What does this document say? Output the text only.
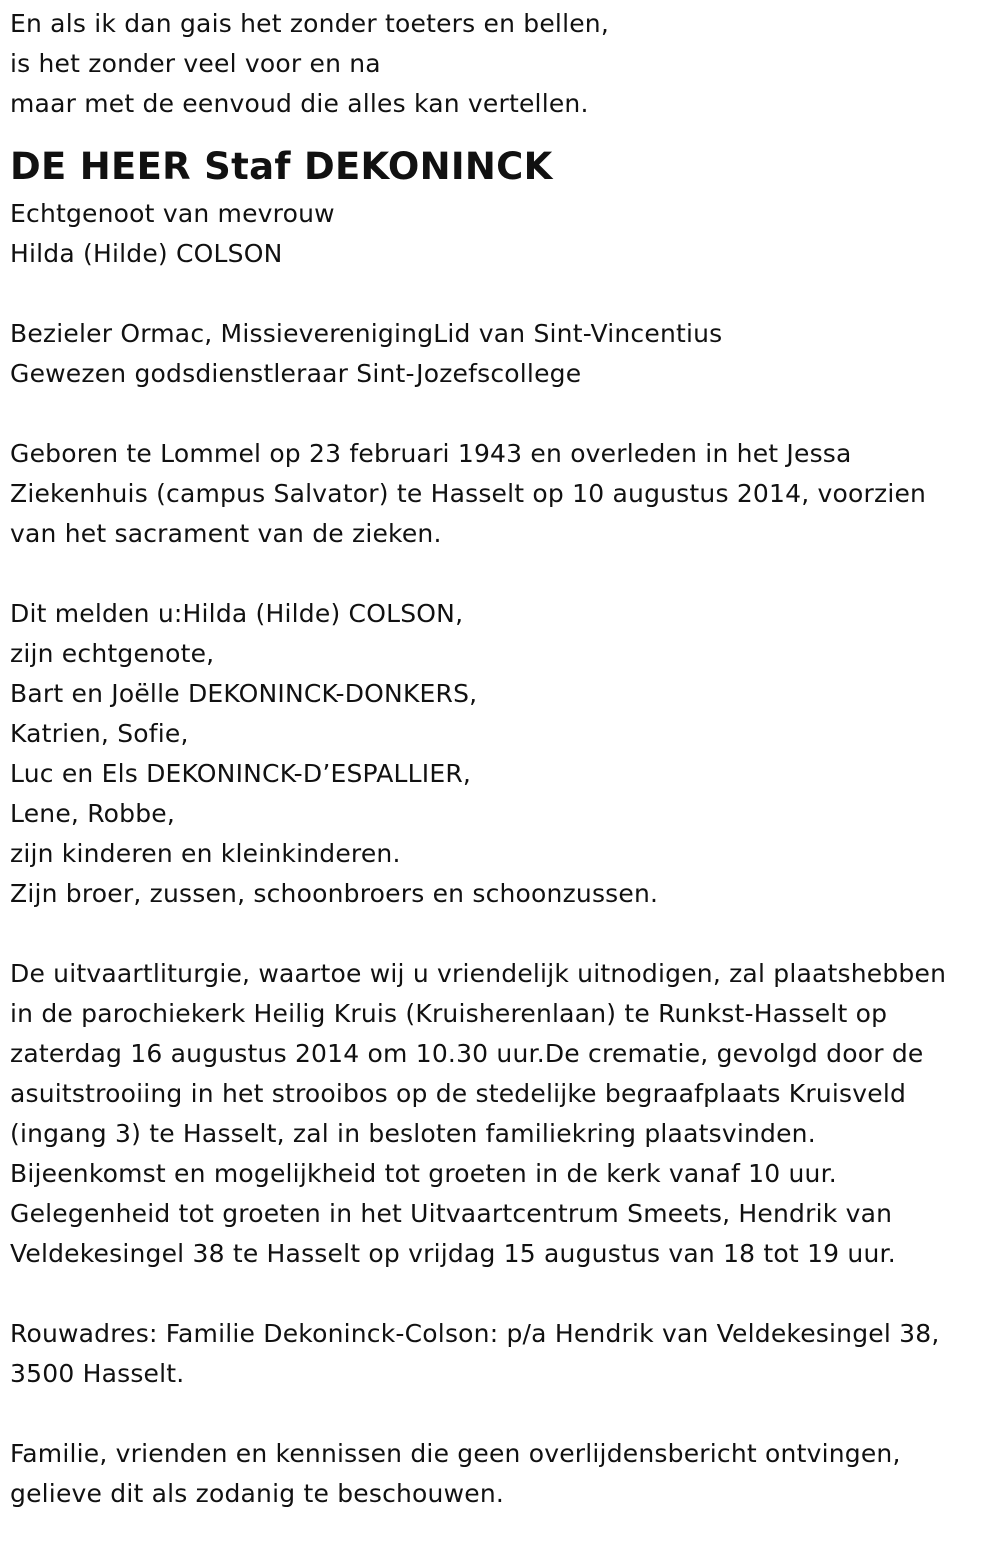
En als ik dan gais het zonder toeters en bellen,
is het zonder veel voor en na
maar met de eenvoud die alles kan vertellen.
DE HEER Staf DEKONINCK
Echtgenoot van mevrouw
Hilda (Hilde) COLSON
Bezieler Ormac, MissieverenigingLid van Sint-Vincentius
Gewezen godsdienstleraar Sint-Jozefscollege
Geboren te Lommel op 23 februari 1943 en overleden in het Jessa
Ziekenhuis (campus Salvator) te Hasselt op 10 augustus 2014, voorzien
van het sacrament van de zieken.
Dit melden u:Hilda (Hilde) COLSON,
zijn echtgenote,
Bart en Joëlle DEKONINCK-DONKERS,
Katrien, Sofie,
Luc en Els DEKONINCK-D’ESPALLIER,
Lene, Robbe,
zijn kinderen en kleinkinderen.
Zijn broer, zussen, schoonbroers en schoonzussen.
De uitvaartliturgie, waartoe wij u vriendelijk uitnodigen, zal plaatshebben
in de parochiekerk Heilig Kruis (Kruisherenlaan) te Runkst-Hasselt op
zaterdag 16 augustus 2014 om 10.30 uur.De crematie, gevolgd door de
asuitstrooiing in het strooibos op de stedelijke begraafplaats Kruisveld
(ingang 3) te Hasselt, zal in besloten familiekring plaatsvinden.
Bijeenkomst en mogelijkheid tot groeten in de kerk vanaf 10 uur.
Gelegenheid tot groeten in het Uitvaartcentrum Smeets, Hendrik van
Veldekesingel 38 te Hasselt op vrijdag 15 augustus van 18 tot 19 uur.
Rouwadres: Familie Dekoninck-Colson: p/a Hendrik van Veldekesingel 38,
3500 Hasselt.
Familie, vrienden en kennissen die geen overlijdensbericht ontvingen,
gelieve dit als zodanig te beschouwen.
